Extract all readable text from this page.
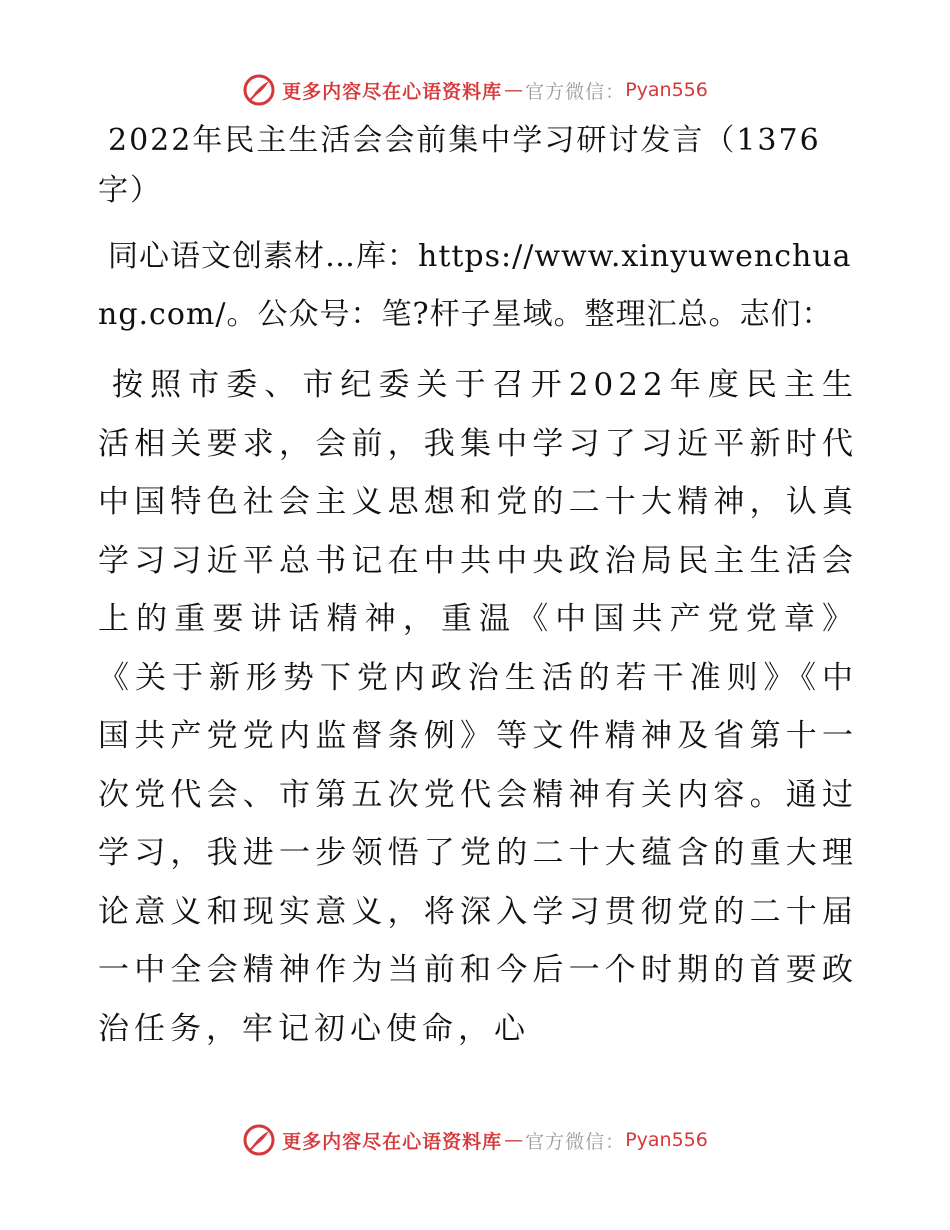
更多内容尽在心语资料库 — 官方微信： Pyan556
2022年民主生活会会前集中学习研讨发言（1376字）

同心语文创素材…库：https://www.xinyuwenchuang.com/。公众号：笔?杆子星域。整理汇总。志们：

按照市委、市纪委关于召开2022年度民主生活相关要求，会前，我集中学习了习近平新时代中国特色社会主义思想和党的二十大精神，认真学习习近平总书记在中共中央政治局民主生活会上的重要讲话精神，重温《中国共产党党章》《关于新形势下党内政治生活的若干准则》《中国共产党党内监督条例》等文件精神及省第十一次党代会、市第五次党代会精神有关内容。通过学习，我进一步领悟了党的二十大蕴含的重大理论意义和现实意义，将深入学习贯彻党的二十届一中全会精神作为当前和今后一个时期的首要政治任务，牢记初心使命，心

更多内容尽在心语资料库 — 官方微信： Pyan556
